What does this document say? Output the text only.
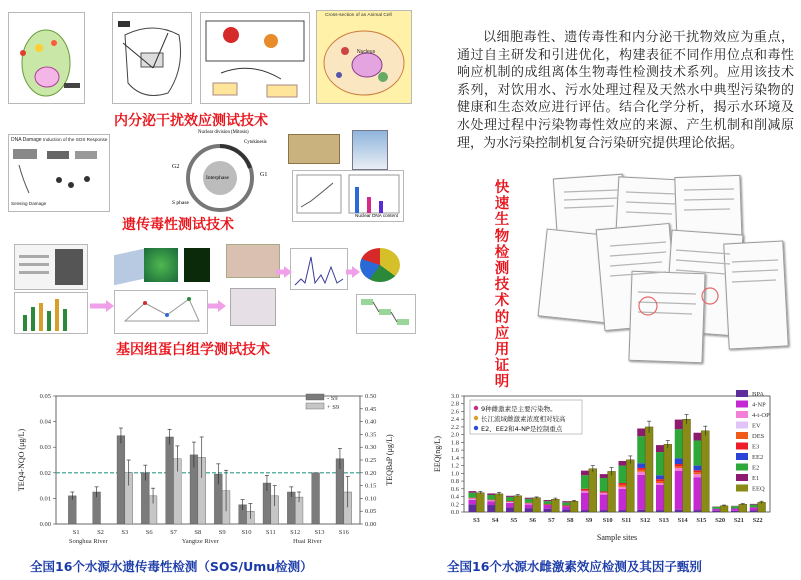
Cross-section of an Animal Cell
Nucleus
内分泌干扰效应测试技术
DNA Damage Induction of the SOS Response
Sensing Damage
Interphase	G1
G2
S phase
Nuclear division (Mitosis)
Cytokinesis
Nuclear DNA content
遗传毒性测试技术
基因组蛋白组学测试技术
以细胞毒性、遗传毒性和内分泌干扰物效应为重点，通过自主研发和引进优化，构建表征不同作用位点和毒性响应机制的成组离体生物毒性检测技术系列。应用该技术系列，对饮用水、污水处理过程及天然水中典型污染物的健康和生态效应进行评估。结合化学分析，揭示水环境及水处理过程中污染物毒性效应的来源、产生机制和削减原理，为水污染控制机复合污染研究提供理论依据。
快速生物检测技术的应用证明
0.00
0.01
0.02
0.03
0.04
0.05
0.00
0.05
0.10
0.15
0.20
0.25
0.30
0.35
0.40
0.45
0.50
TEQ4-NQO (μg/L)	TEQBaP (μg/L)
S1	S2	S3	S6	S7	S8	S9 S10 S11 S12 S13 S16
Songhua River	Yangtze River	Huai River
- S9
+ S9
全国16个水源水遗传毒性检测（SOS/Umu检测）
0.0
0.2
0.4
0.6
0.8
1.0
1.2
1.4
1.6
1.8
2.0
2.2
2.4
2.6
2.8
3.0
EEQ(ng/L)
Sample sites
S3 S4 S5 S6 S7 S8 S9 S10 S11 S12 S13 S14 S15 S20 S21 S22
9种雌激素是主要污染物。
长江流域雌激素浓度相对较高
E2、EE2和4-NP是控制重点
BPA
4-NP
4-t-OP
EV
DES
E3
EE2
E2
E1
EEQ
全国16个水源水雌激素效应检测及其因子甄别
